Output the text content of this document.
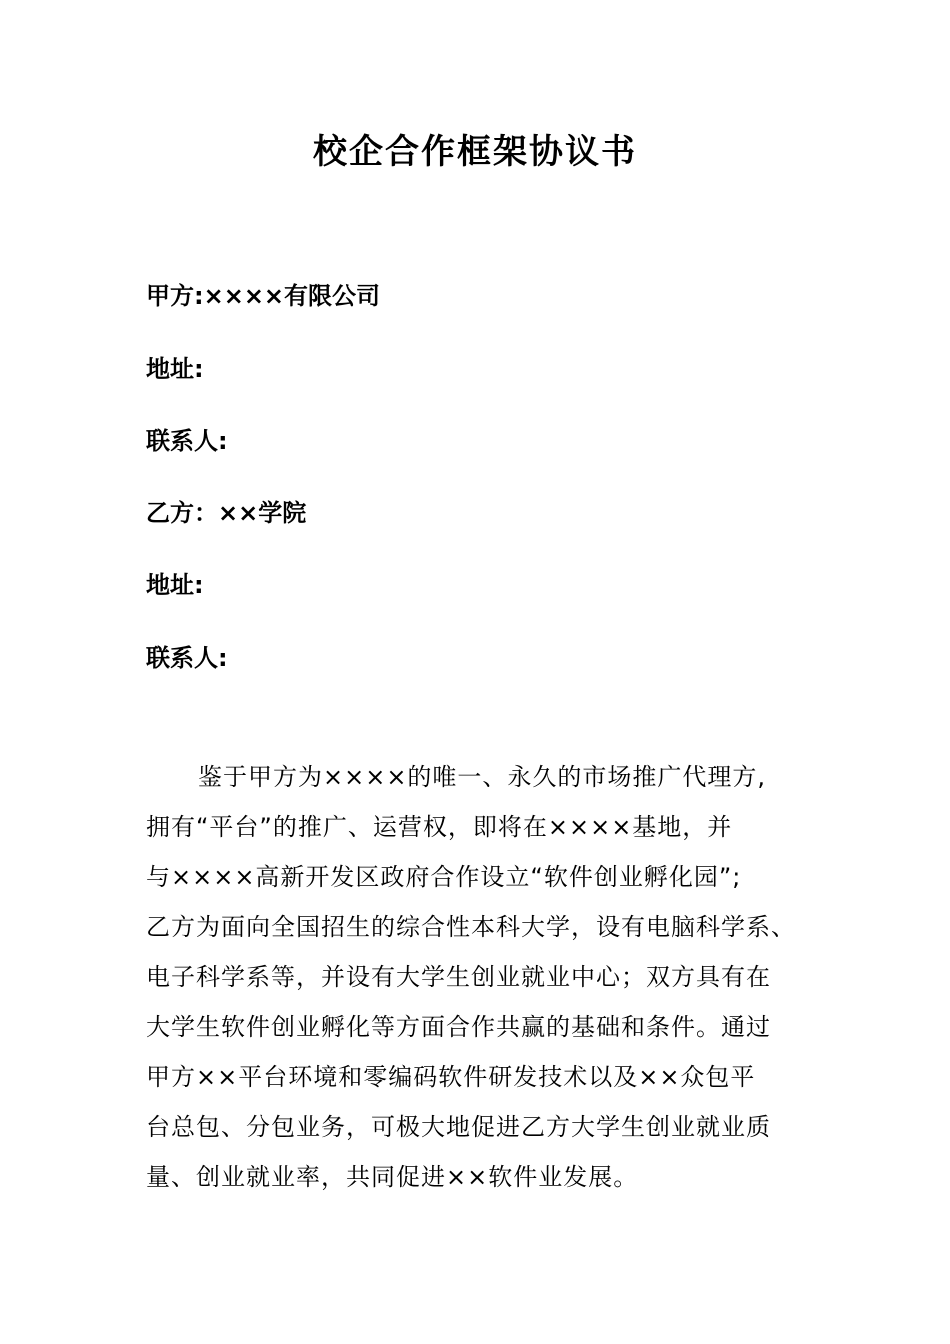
校企合作框架协议书
甲方:××××有限公司
地址:
联系人:
乙方：××学院
地址:
联系人:
鉴于甲方为××××的唯一、永久的市场推广代理方,
拥有“平台”的推广、运营权，即将在××××基地，并
与××××高新开发区政府合作设立“软件创业孵化园”;
乙方为面向全国招生的综合性本科大学，设有电脑科学系、
电子科学系等，并设有大学生创业就业中心；双方具有在
大学生软件创业孵化等方面合作共赢的基础和条件。通过
甲方××平台环境和零编码软件研发技术以及××众包平
台总包、分包业务，可极大地促进乙方大学生创业就业质
量、创业就业率，共同促进××软件业发展。
